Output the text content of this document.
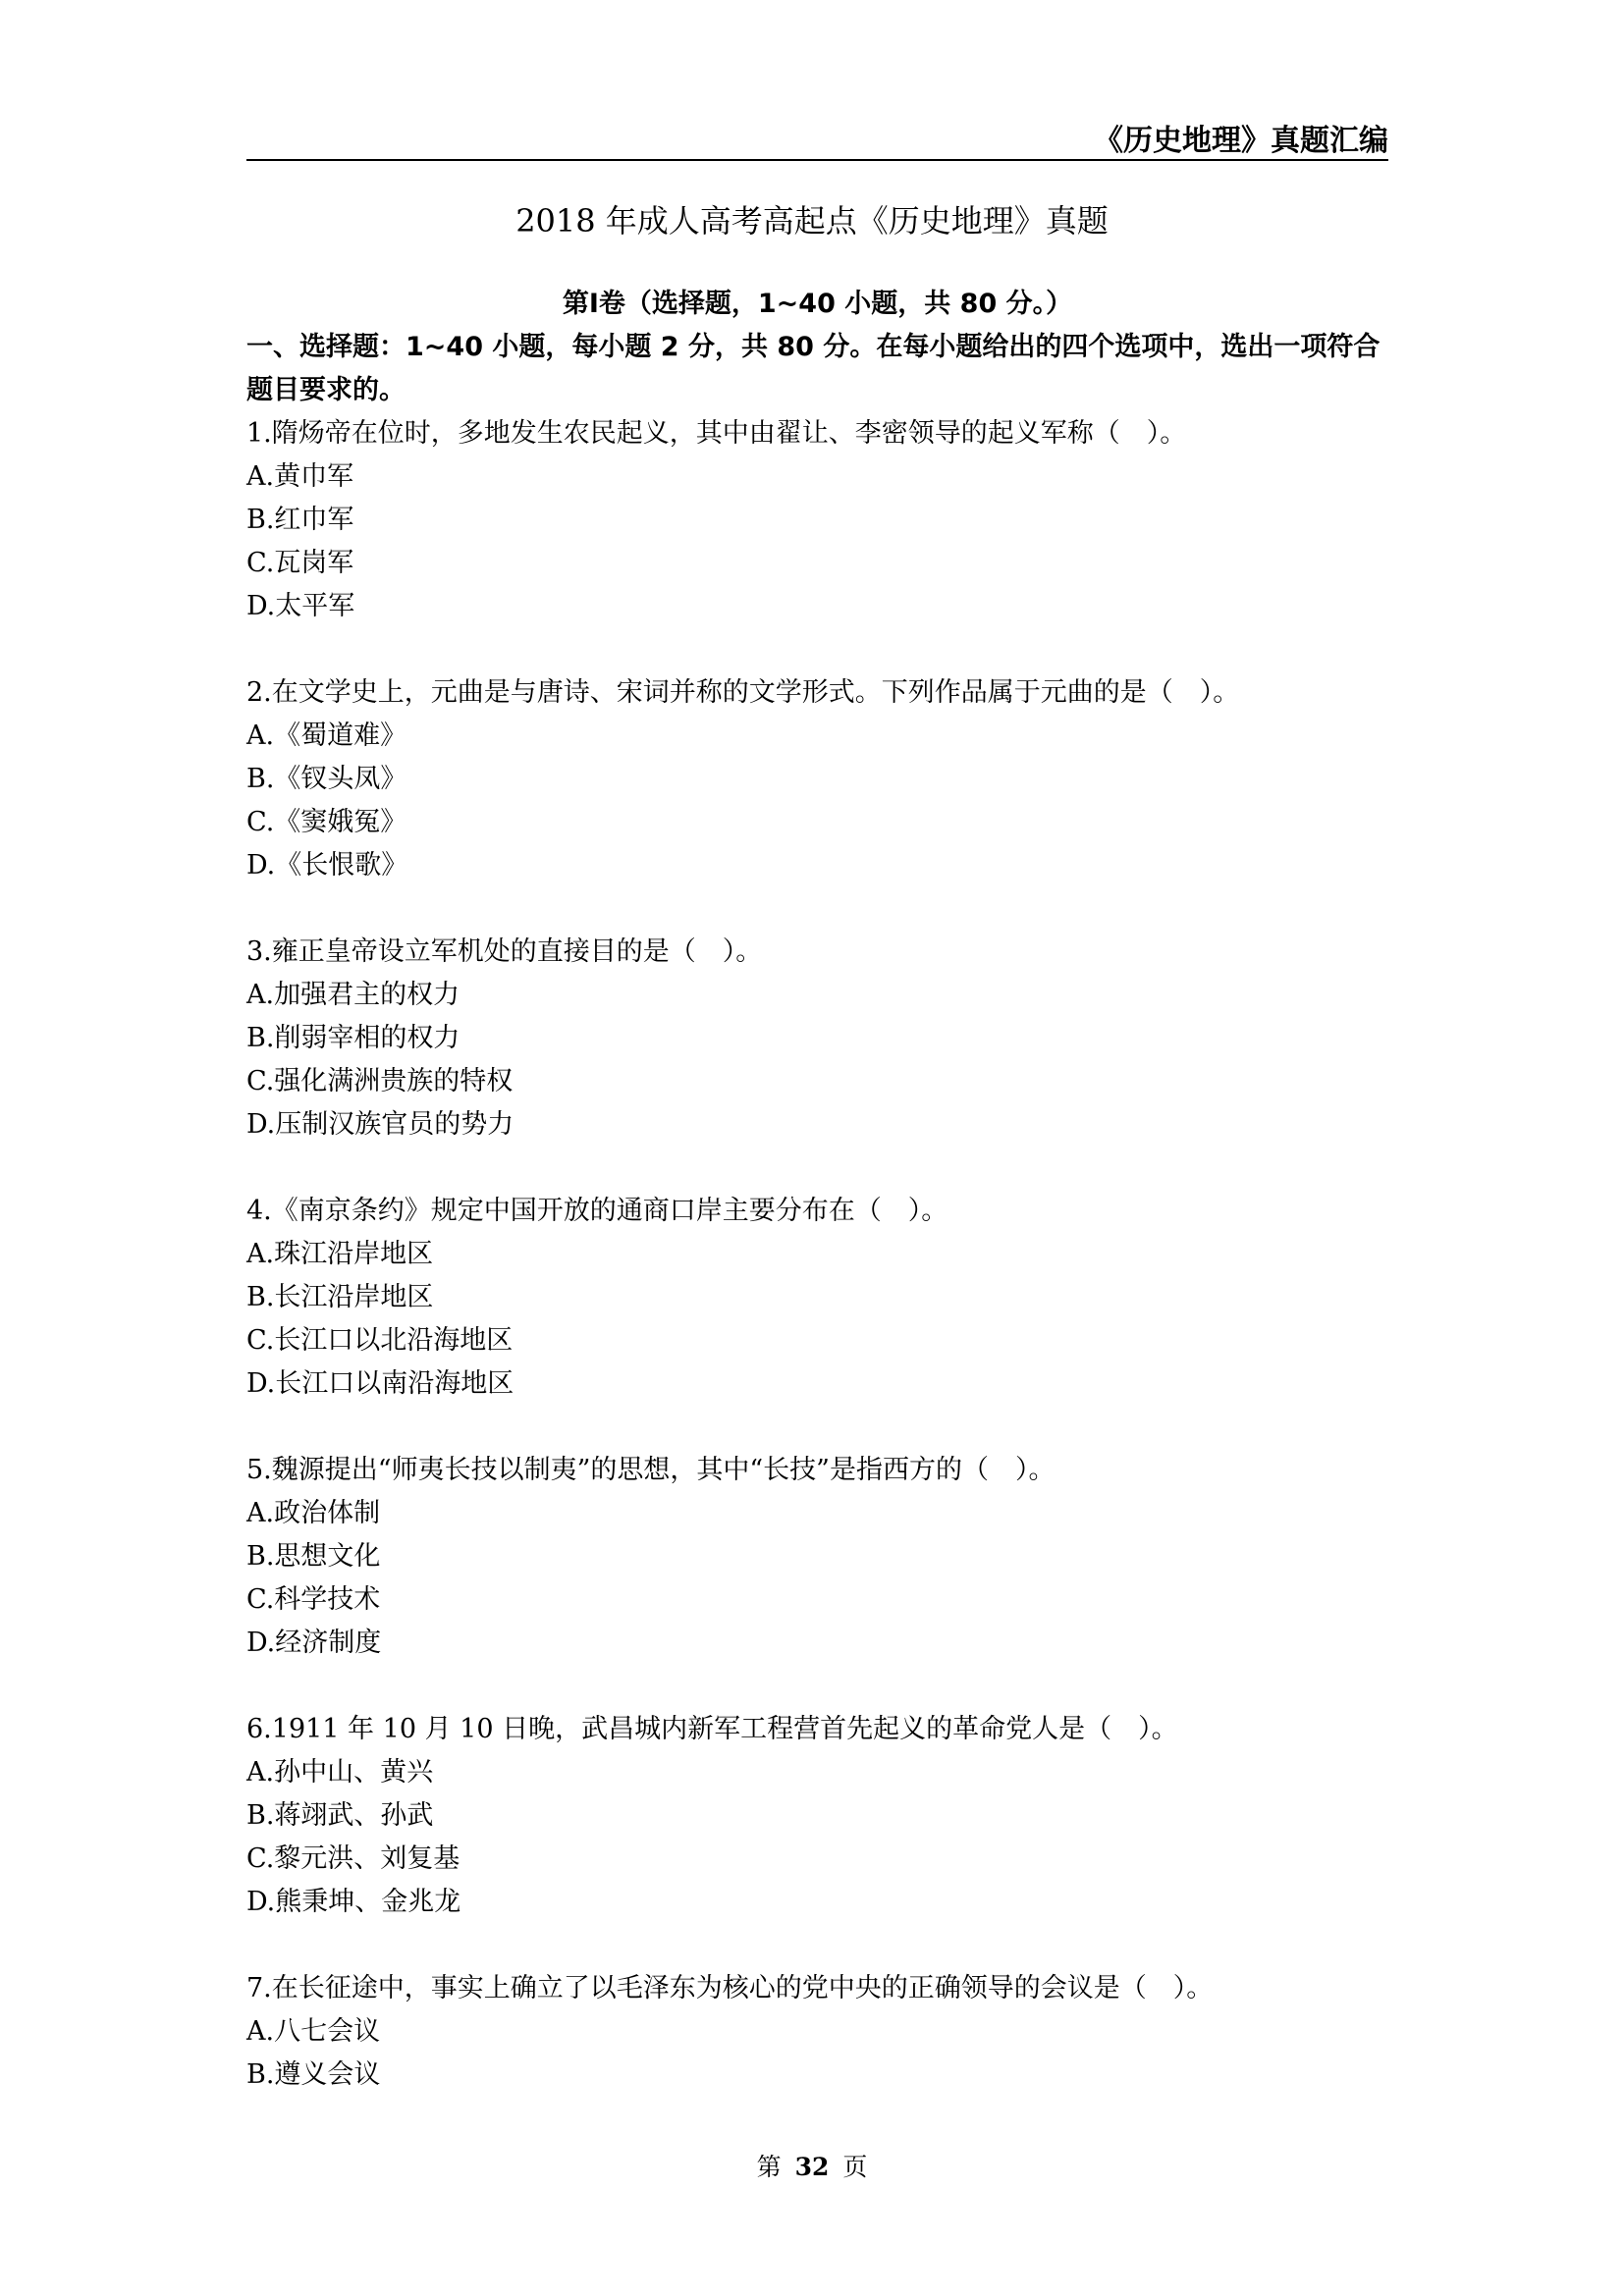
《历史地理》真题汇编
2018 年成人高考高起点《历史地理》真题
第Ⅰ卷（选择题，1~40 小题，共 80 分。）
一、选择题：1~40 小题，每小题 2 分，共 80 分。在每小题给出的四个选项中，选出一项符合题目要求的。
1.隋炀帝在位时，多地发生农民起义，其中由翟让、李密领导的起义军称（　）。
A.黄巾军
B.红巾军
C.瓦岗军
D.太平军
2.在文学史上，元曲是与唐诗、宋词并称的文学形式。下列作品属于元曲的是（　）。
A.《蜀道难》
B.《钗头凤》
C.《窦娥冤》
D.《长恨歌》
3.雍正皇帝设立军机处的直接目的是（　）。
A.加强君主的权力
B.削弱宰相的权力
C.强化满洲贵族的特权
D.压制汉族官员的势力
4.《南京条约》规定中国开放的通商口岸主要分布在（　）。
A.珠江沿岸地区
B.长江沿岸地区
C.长江口以北沿海地区
D.长江口以南沿海地区
5.魏源提出“师夷长技以制夷”的思想，其中“长技”是指西方的（　）。
A.政治体制
B.思想文化
C.科学技术
D.经济制度
6.1911 年 10 月 10 日晚，武昌城内新军工程营首先起义的革命党人是（　）。
A.孙中山、黄兴
B.蒋翊武、孙武
C.黎元洪、刘复基
D.熊秉坤、金兆龙
7.在长征途中，事实上确立了以毛泽东为核心的党中央的正确领导的会议是（　）。
A.八七会议
B.遵义会议
第 32 页
